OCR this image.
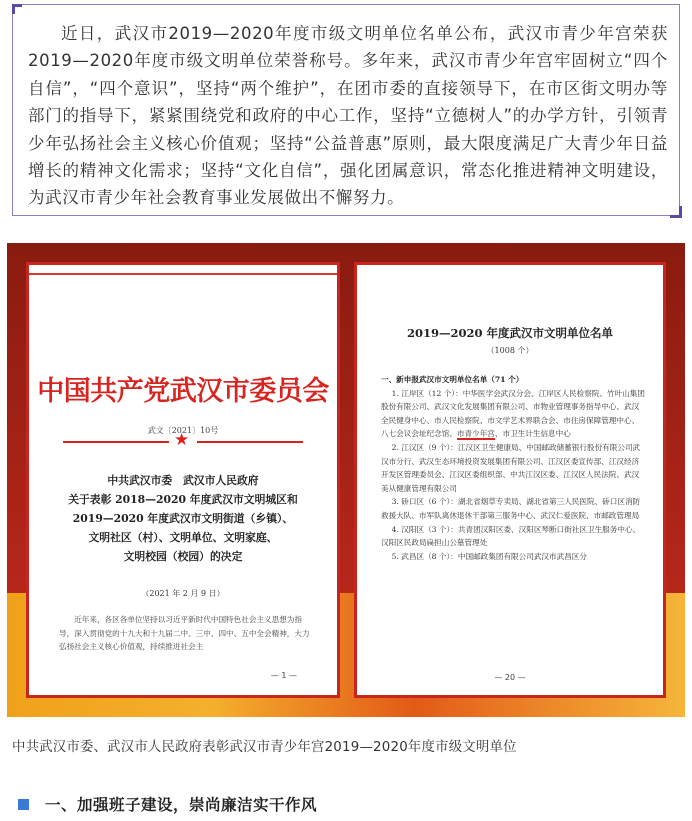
近日，武汉市2019—2020年度市级文明单位名单公布，武汉市青少年宫荣获2019—2020年度市级文明单位荣誉称号。多年来，武汉市青少年宫牢固树立“四个自信”，“四个意识”，坚持“两个维护”，在团市委的直接领导下，在市区街文明办等部门的指导下，紧紧围绕党和政府的中心工作，坚持“立德树人”的办学方针，引领青少年弘扬社会主义核心价值观；坚持“公益普惠”原则，最大限度满足广大青少年日益增长的精神文化需求；坚持“文化自信”，强化团属意识，常态化推进精神文明建设，为武汉市青少年社会教育事业发展做出不懈努力。

中国共产党武汉市委员会
武文〔2021〕10号
★
中共武汉市委　武汉市人民政府
关于表彰 2018—2020 年度武汉市文明城区和
2019—2020 年度武汉市文明街道（乡镇）、
文明社区（村）、文明单位、文明家庭、
文明校园（校园）的决定
（2021 年 2 月 9 日）

近年来，各区各单位坚持以习近平新时代中国特色社会主义思想为指导，深入贯彻党的十九大和十九届二中、三中、四中、五中全会精神，大力弘扬社会主义核心价值观，持续推进社会主

— 1 —
2019—2020 年度武汉市文明单位名单
（1008 个）

一、新申报武汉市文明单位名单（71 个）

1. 江岸区（12 个）：中华医学会武汉分会、江岸区人民检察院、竹叶山集团股份有限公司、武汉文化发展集团有限公司、市物业管理事务指导中心、武汉全民健身中心、市人民检察院、市文学艺术界联合会、市住房保障管理中心、八七会议会址纪念馆、市青少年宫、市卫生计生信息中心

2. 江汉区（9 个）：江汉区卫生健康局、中国邮政储蓄银行股份有限公司武汉市分行、武汉生态环境投资发展集团有限公司、江汉区委宣传部、江汉经济开发区管理委员会、江汉区委组织部、中共江汉区委、江汉区人民法院、武汉美从健康管理有限公司

3. 硚口区（6 个）：湖北省烟草专卖局、湖北省第三人民医院、硚口区消防救援大队、市军队离休退休干部第三服务中心、武汉仁爱医院、市邮政管理局

4. 汉阳区（3 个）：共青团汉阳区委、汉阳区琴断口街社区卫生服务中心、汉阳区民政局扁担山公墓管理处

5. 武昌区（8 个）：中国邮政集团有限公司武汉市武昌区分

— 20 —

中共武汉市委、武汉市人民政府表彰武汉市青少年宫2019—2020年度市级文明单位

一、加强班子建设，崇尚廉洁实干作风
